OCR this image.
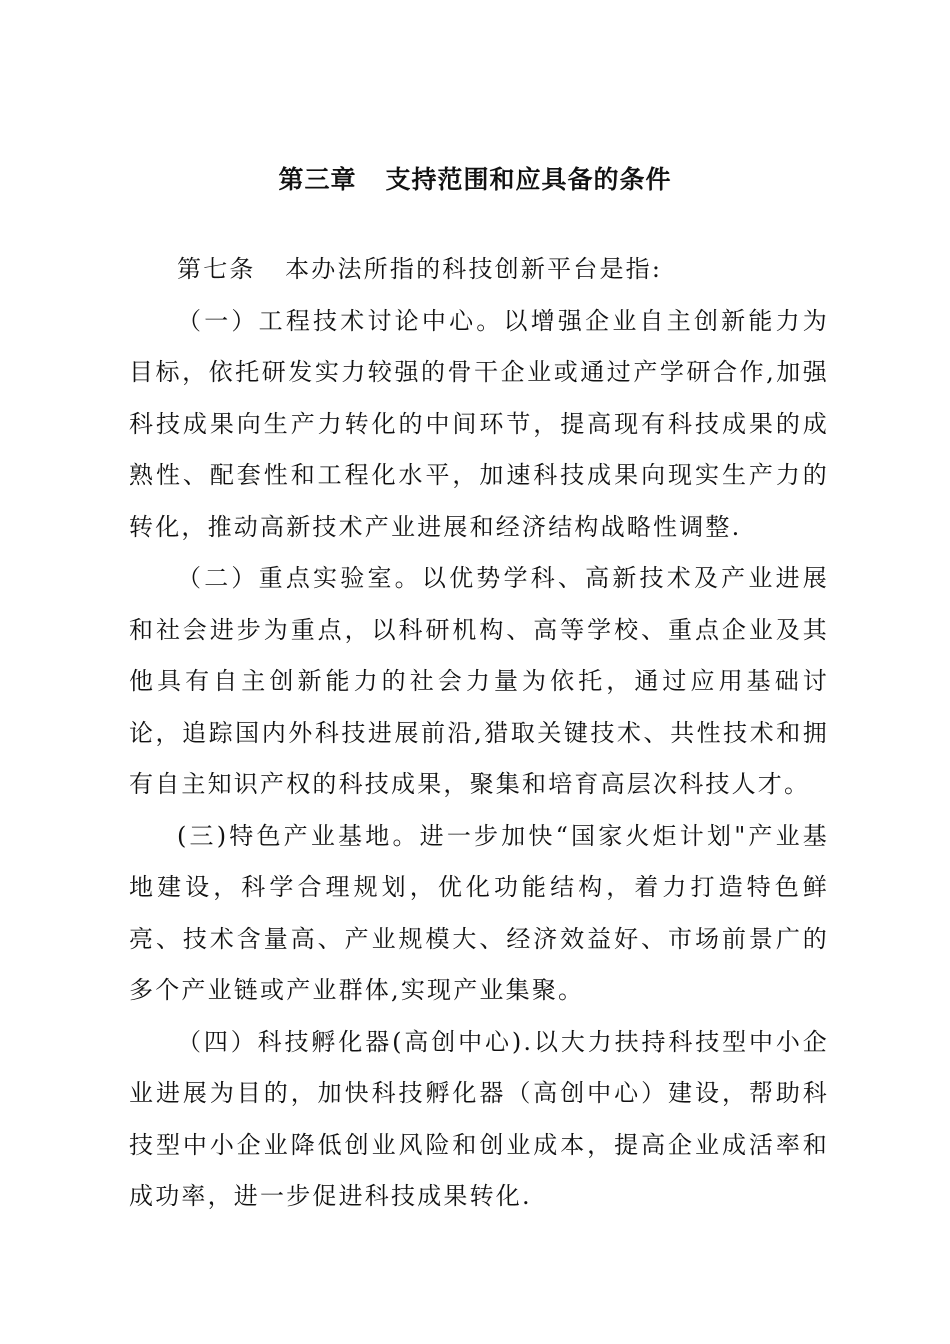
第三章   支持范围和应具备的条件

第七条   本办法所指的科技创新平台是指:

（一）工程技术讨论中心。以增强企业自主创新能力为目标，依托研发实力较强的骨干企业或通过产学研合作,加强科技成果向生产力转化的中间环节，提高现有科技成果的成熟性、配套性和工程化水平，加速科技成果向现实生产力的转化，推动高新技术产业进展和经济结构战略性调整.

（二）重点实验室。以优势学科、高新技术及产业进展和社会进步为重点，以科研机构、高等学校、重点企业及其他具有自主创新能力的社会力量为依托，通过应用基础讨论，追踪国内外科技进展前沿,猎取关键技术、共性技术和拥有自主知识产权的科技成果，聚集和培育高层次科技人才。

(三)特色产业基地。进一步加快“国家火炬计划"产业基地建设，科学合理规划，优化功能结构，着力打造特色鲜亮、技术含量高、产业规模大、经济效益好、市场前景广的多个产业链或产业群体,实现产业集聚。

（四）科技孵化器(高创中心).以大力扶持科技型中小企业进展为目的，加快科技孵化器（高创中心）建设，帮助科技型中小企业降低创业风险和创业成本，提高企业成活率和成功率，进一步促进科技成果转化.
